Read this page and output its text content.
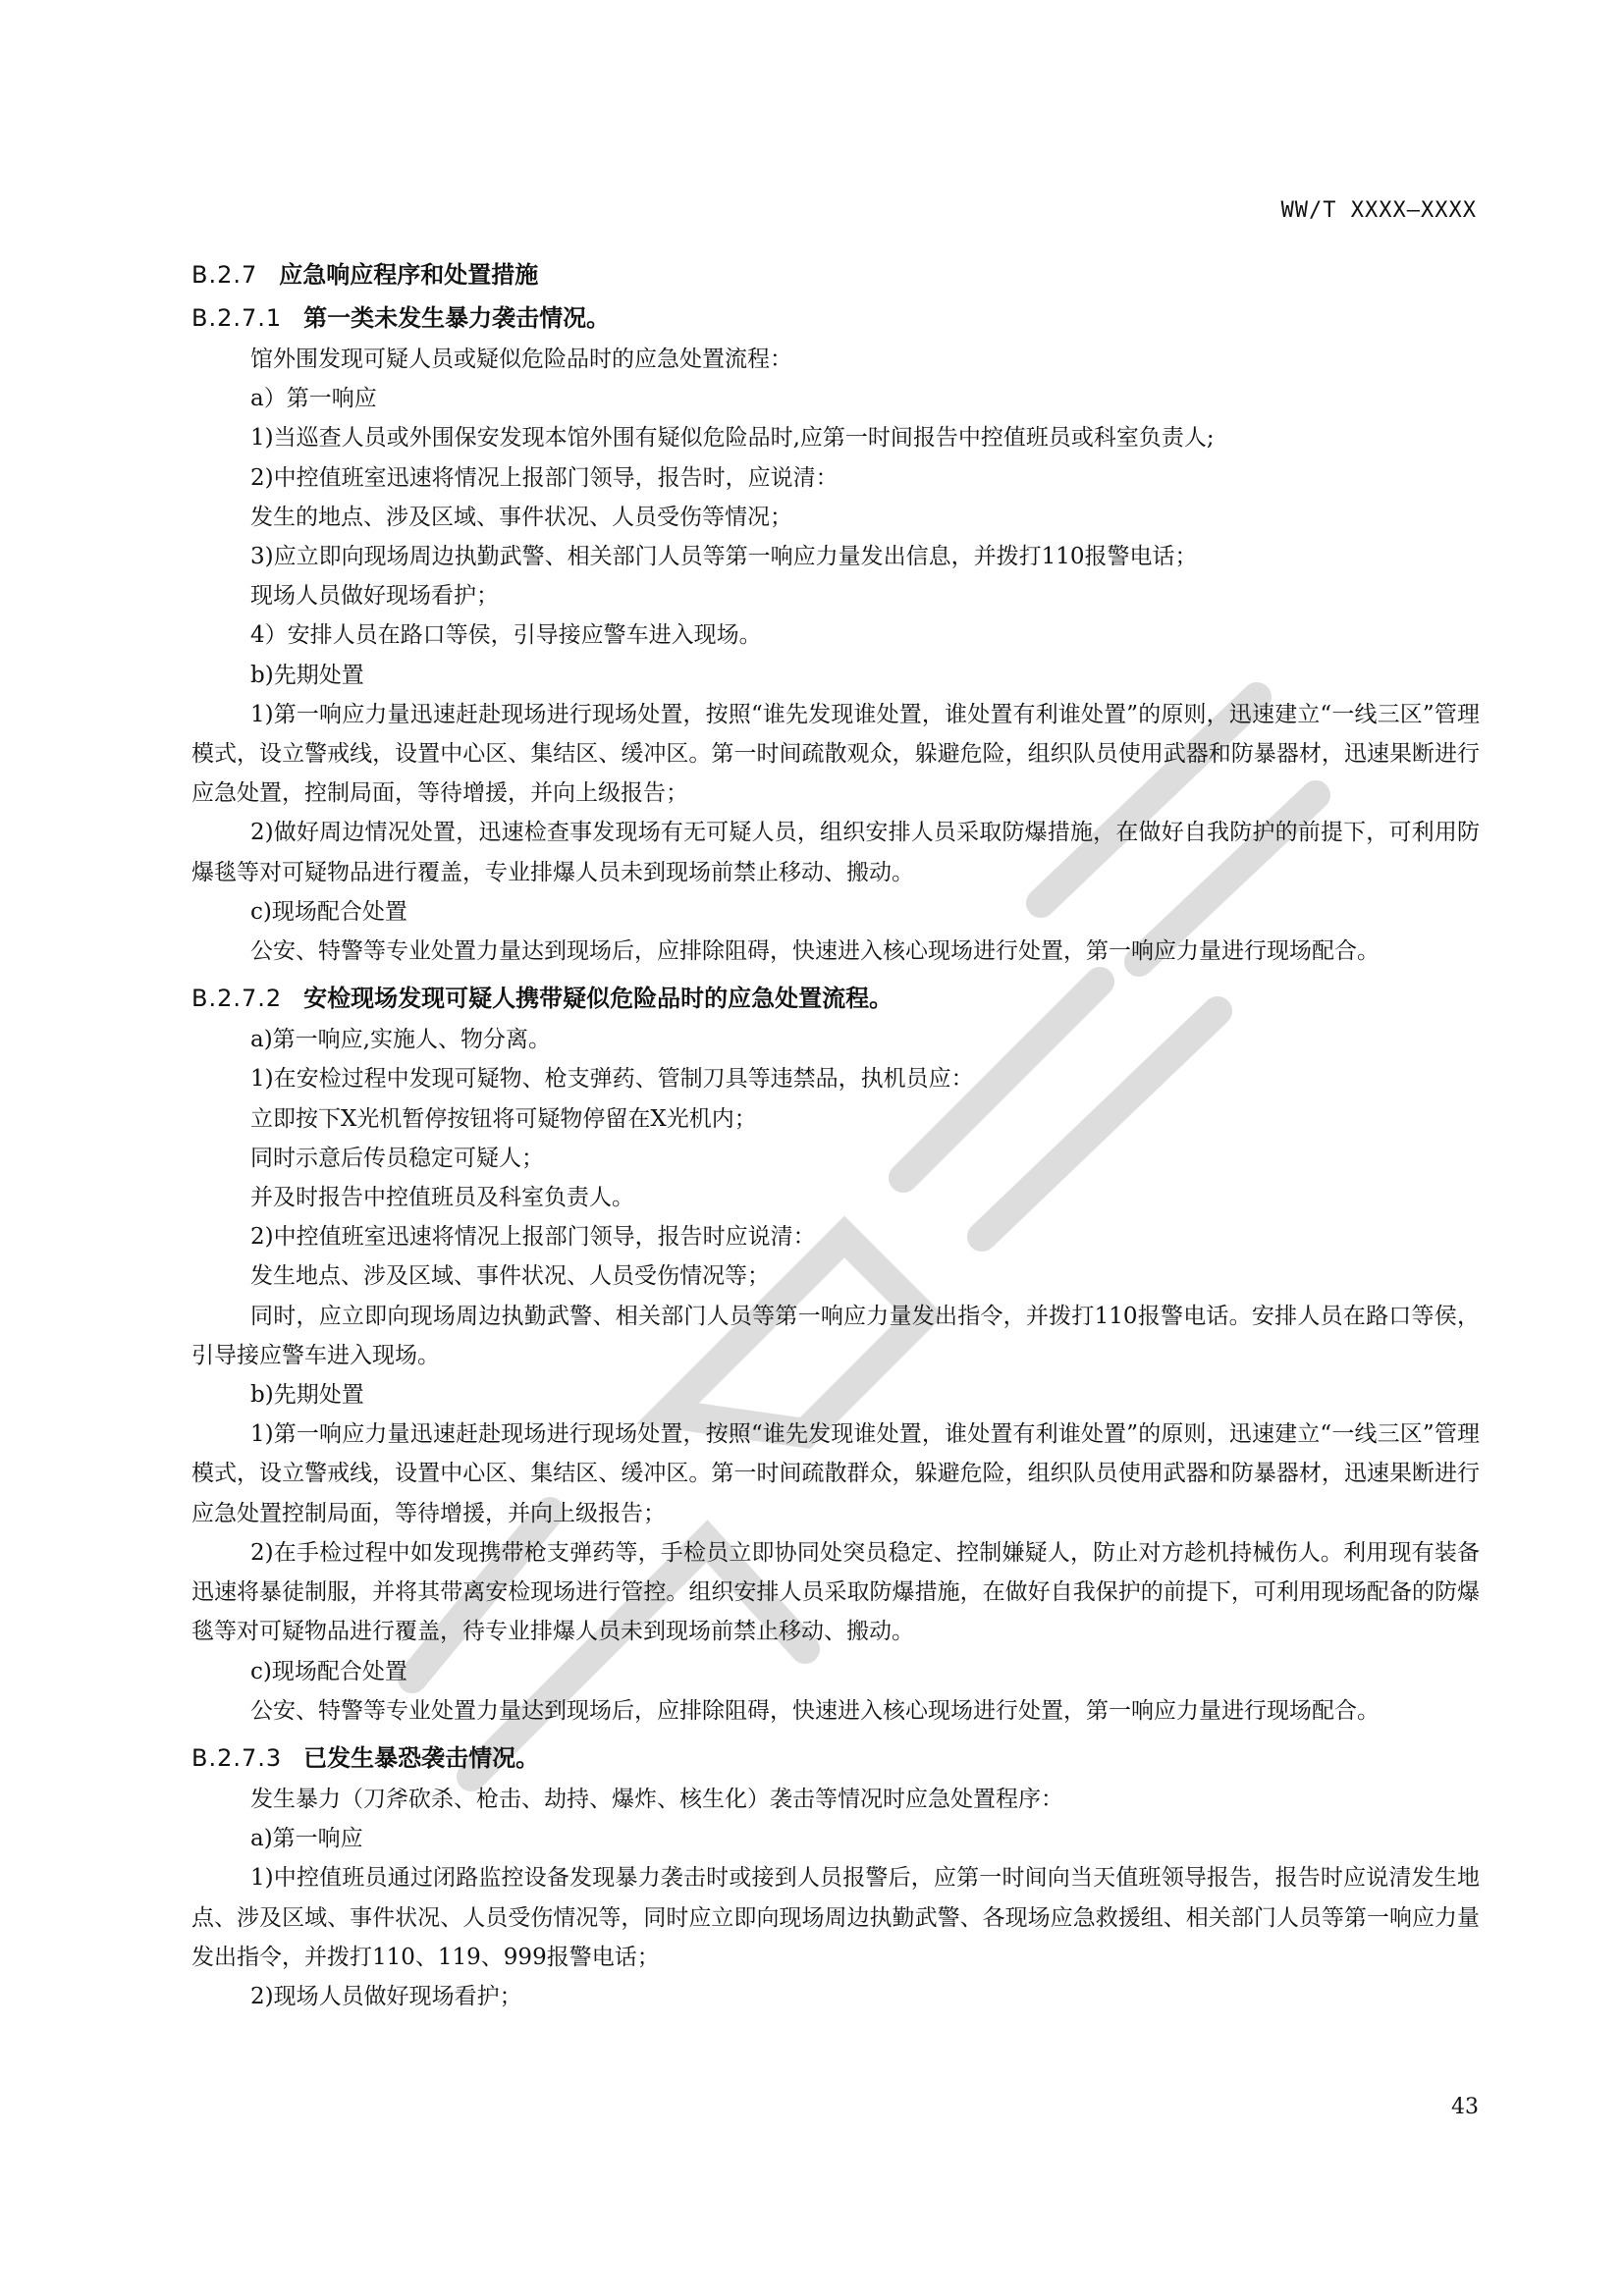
WW/T XXXX—XXXX
B.2.7 应急响应程序和处置措施
B.2.7.1 第一类未发生暴力袭击情况。

馆外围发现可疑人员或疑似危险品时的应急处置流程：

a）第一响应

1)当巡查人员或外围保安发现本馆外围有疑似危险品时,应第一时间报告中控值班员或科室负责人;

2)中控值班室迅速将情况上报部门领导，报告时，应说清：

发生的地点、涉及区域、事件状况、人员受伤等情况；

3)应立即向现场周边执勤武警、相关部门人员等第一响应力量发出信息，并拨打110报警电话；

现场人员做好现场看护；

4）安排人员在路口等侯，引导接应警车进入现场。

b)先期处置

1)第一响应力量迅速赶赴现场进行现场处置，按照“谁先发现谁处置，谁处置有利谁处置”的原则，迅速建立“一线三区”管理模式，设立警戒线，设置中心区、集结区、缓冲区。第一时间疏散观众，躲避危险，组织队员使用武器和防暴器材，迅速果断进行应急处置，控制局面，等待增援，并向上级报告；

2)做好周边情况处置，迅速检查事发现场有无可疑人员，组织安排人员采取防爆措施，在做好自我防护的前提下，可利用防爆毯等对可疑物品进行覆盖，专业排爆人员未到现场前禁止移动、搬动。

c)现场配合处置

公安、特警等专业处置力量达到现场后，应排除阻碍，快速进入核心现场进行处置，第一响应力量进行现场配合。

B.2.7.2 安检现场发现可疑人携带疑似危险品时的应急处置流程。

a)第一响应,实施人、物分离。

1)在安检过程中发现可疑物、枪支弹药、管制刀具等违禁品，执机员应：

立即按下X光机暂停按钮将可疑物停留在X光机内；

同时示意后传员稳定可疑人；

并及时报告中控值班员及科室负责人。

2)中控值班室迅速将情况上报部门领导，报告时应说清：

发生地点、涉及区域、事件状况、人员受伤情况等；

同时，应立即向现场周边执勤武警、相关部门人员等第一响应力量发出指令，并拨打110报警电话。安排人员在路口等侯，引导接应警车进入现场。

b)先期处置

1)第一响应力量迅速赶赴现场进行现场处置，按照“谁先发现谁处置，谁处置有利谁处置”的原则，迅速建立“一线三区”管理模式，设立警戒线，设置中心区、集结区、缓冲区。第一时间疏散群众，躲避危险，组织队员使用武器和防暴器材，迅速果断进行应急处置控制局面，等待增援，并向上级报告；

2)在手检过程中如发现携带枪支弹药等，手检员立即协同处突员稳定、控制嫌疑人，防止对方趁机持械伤人。利用现有装备迅速将暴徒制服，并将其带离安检现场进行管控。组织安排人员采取防爆措施，在做好自我保护的前提下，可利用现场配备的防爆毯等对可疑物品进行覆盖，待专业排爆人员未到现场前禁止移动、搬动。

c)现场配合处置

公安、特警等专业处置力量达到现场后，应排除阻碍，快速进入核心现场进行处置，第一响应力量进行现场配合。

B.2.7.3 已发生暴恐袭击情况。

发生暴力（刀斧砍杀、枪击、劫持、爆炸、核生化）袭击等情况时应急处置程序：

a)第一响应

1)中控值班员通过闭路监控设备发现暴力袭击时或接到人员报警后，应第一时间向当天值班领导报告，报告时应说清发生地点、涉及区域、事件状况、人员受伤情况等，同时应立即向现场周边执勤武警、各现场应急救援组、相关部门人员等第一响应力量发出指令，并拨打110、119、999报警电话；

2)现场人员做好现场看护；

43
